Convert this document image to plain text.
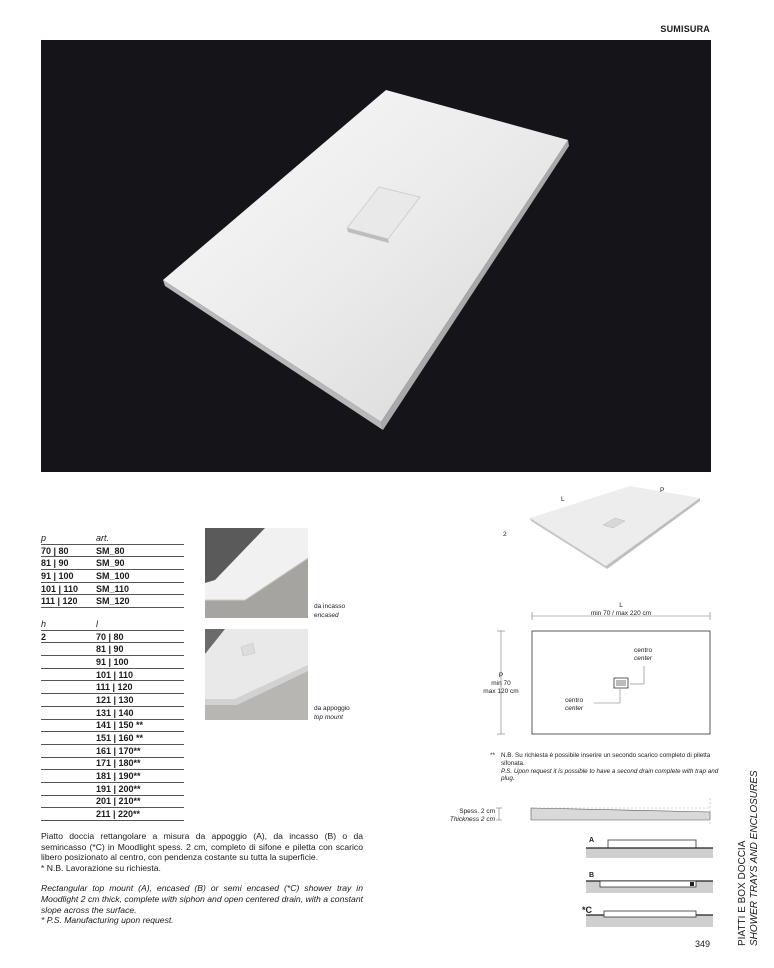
SUMISURA
p	art.
70 | 80	SM_80
81 | 90	SM_90
91 | 100	SM_100
101 | 110	SM_110
111 | 120	SM_120
h	l
2	70 | 80
81 | 90
91 | 100
101 | 110
111 | 120
121 | 130
131 | 140
141 | 150 **
151 | 160 **
161 | 170**
171 | 180**
181 | 190**
191 | 200**
201 | 210**
211 | 220**
da incasso
encased
da appoggio
top mount
Piatto doccia rettangolare a misura da appoggio (A), da incasso (B) o da semincasso (*C) in Moodlight spess. 2 cm, completo di sifone e piletta con scarico libero posizionato al centro, con pendenza costante su tutta la superficie.
* N.B. Lavorazione su richiesta.
Rectangular top mount (A), encased (B) or semi encased (*C) shower tray in Moodlight 2 cm thick, complete with siphon and open centered drain, with a constant slope across the surface.
* P.S. Manufacturing upon request.
L
P
2
L
min 70 / max 220 cm
P
min 70
max 120 cm
centro
center
centro
center
** N.B. Su richiesta è possibile inserire un secondo scarico completo di piletta sifonata.
P.S. Upon request it is possible to have a second drain complete with trap and plug.
Spess. 2 cm
Thickness 2 cm
A
B
*C	PIATTI E BOX DOCCIA SHOWER TRAYS AND ENCLOSURES
349
